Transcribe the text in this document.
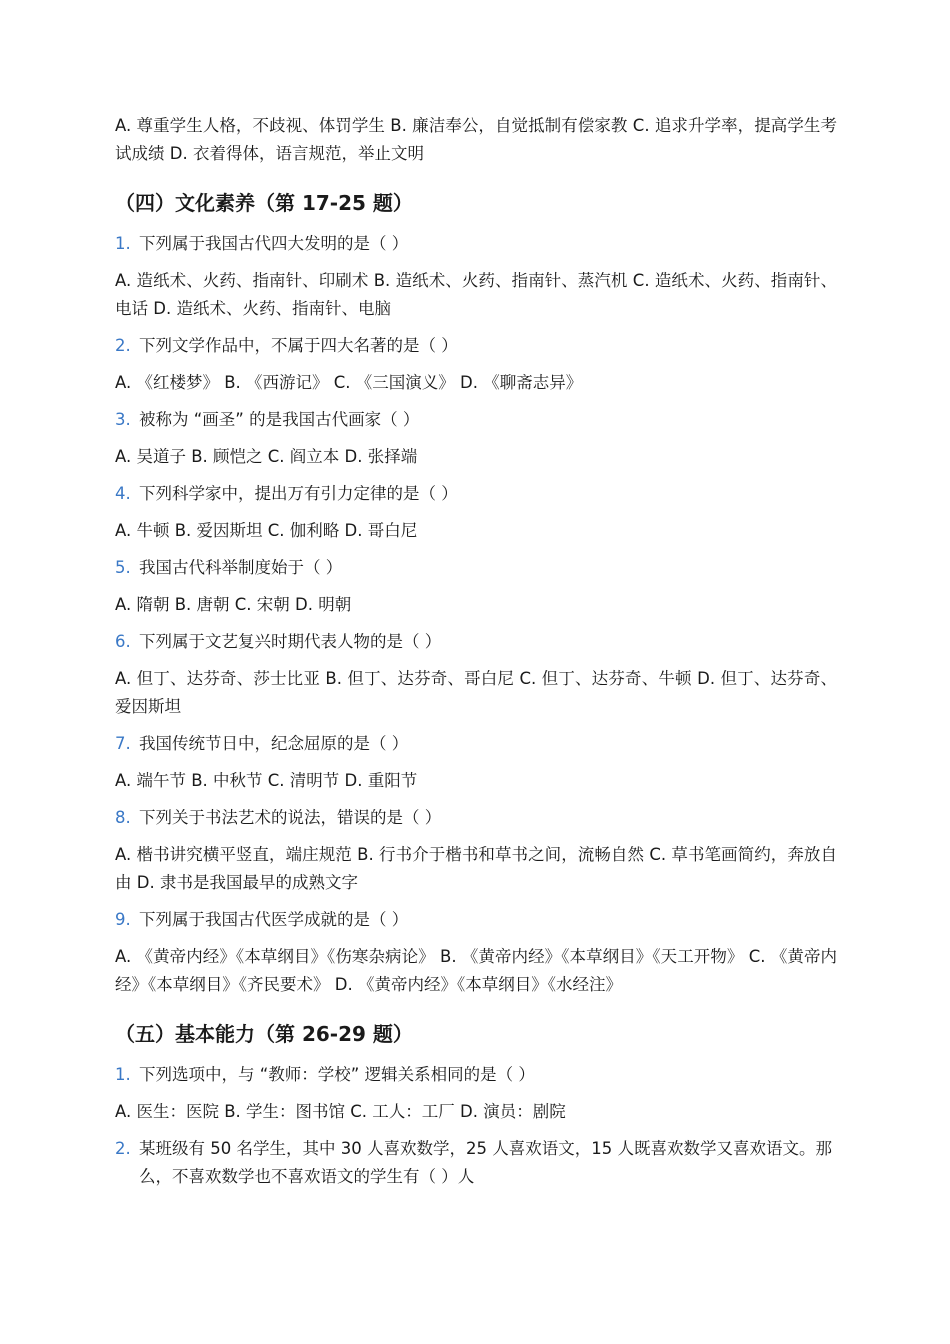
A. 尊重学生人格，不歧视、体罚学生 B. 廉洁奉公，自觉抵制有偿家教 C. 追求升学率，提高学生考试成绩 D. 衣着得体，语言规范，举止文明

（四）文化素养（第 17-25 题）
1. 下列属于我国古代四大发明的是（ ）

A. 造纸术、火药、指南针、印刷术 B. 造纸术、火药、指南针、蒸汽机 C. 造纸术、火药、指南针、电话 D. 造纸术、火药、指南针、电脑

2. 下列文学作品中，不属于四大名著的是（ ）

A. 《红楼梦》 B. 《西游记》 C. 《三国演义》 D. 《聊斋志异》

3. 被称为 “画圣” 的是我国古代画家（ ）

A. 吴道子 B. 顾恺之 C. 阎立本 D. 张择端

4. 下列科学家中，提出万有引力定律的是（ ）

A. 牛顿 B. 爱因斯坦 C. 伽利略 D. 哥白尼

5. 我国古代科举制度始于（ ）

A. 隋朝 B. 唐朝 C. 宋朝 D. 明朝

6. 下列属于文艺复兴时期代表人物的是（ ）

A. 但丁、达芬奇、莎士比亚 B. 但丁、达芬奇、哥白尼 C. 但丁、达芬奇、牛顿 D. 但丁、达芬奇、爱因斯坦

7. 我国传统节日中，纪念屈原的是（ ）

A. 端午节 B. 中秋节 C. 清明节 D. 重阳节

8. 下列关于书法艺术的说法，错误的是（ ）

A. 楷书讲究横平竖直，端庄规范 B. 行书介于楷书和草书之间，流畅自然 C. 草书笔画简约，奔放自由 D. 隶书是我国最早的成熟文字

9. 下列属于我国古代医学成就的是（ ）

A. 《黄帝内经》《本草纲目》《伤寒杂病论》 B. 《黄帝内经》《本草纲目》《天工开物》 C. 《黄帝内经》《本草纲目》《齐民要术》 D. 《黄帝内经》《本草纲目》《水经注》

（五）基本能力（第 26-29 题）
1. 下列选项中，与 “教师：学校” 逻辑关系相同的是（ ）

A. 医生：医院 B. 学生：图书馆 C. 工人：工厂 D. 演员：剧院

2. 某班级有 50 名学生，其中 30 人喜欢数学，25 人喜欢语文，15 人既喜欢数学又喜欢语文。那么，不喜欢数学也不喜欢语文的学生有（ ）人
